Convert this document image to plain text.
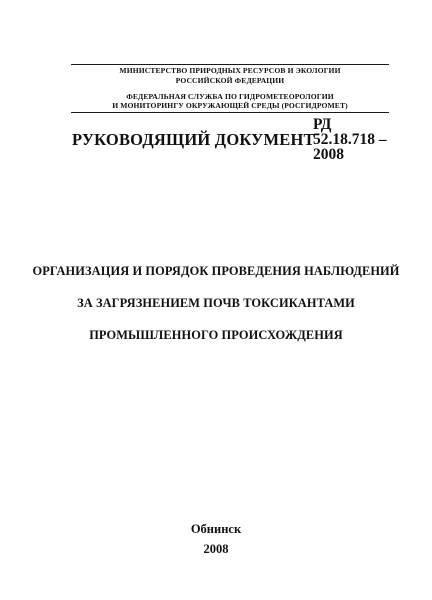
МИНИСТЕРСТВО ПРИРОДНЫХ РЕСУРСОВ И ЭКОЛОГИИ
РОССИЙСКОЙ ФЕДЕРАЦИИ
ФЕДЕРАЛЬНАЯ СЛУЖБА ПО ГИДРОМЕТЕОРОЛОГИИ
И МОНИТОРИНГУ ОКРУЖАЮЩЕЙ СРЕДЫ (РОСГИДРОМЕТ)
РУКОВОДЯЩИЙ ДОКУМЕНТ
РД
52.18.718 –
2008
ОРГАНИЗАЦИЯ И ПОРЯДОК ПРОВЕДЕНИЯ НАБЛЮДЕНИЙ
ЗА ЗАГРЯЗНЕНИЕМ ПОЧВ ТОКСИКАНТАМИ
ПРОМЫШЛЕННОГО ПРОИСХОЖДЕНИЯ
Обнинск
2008
